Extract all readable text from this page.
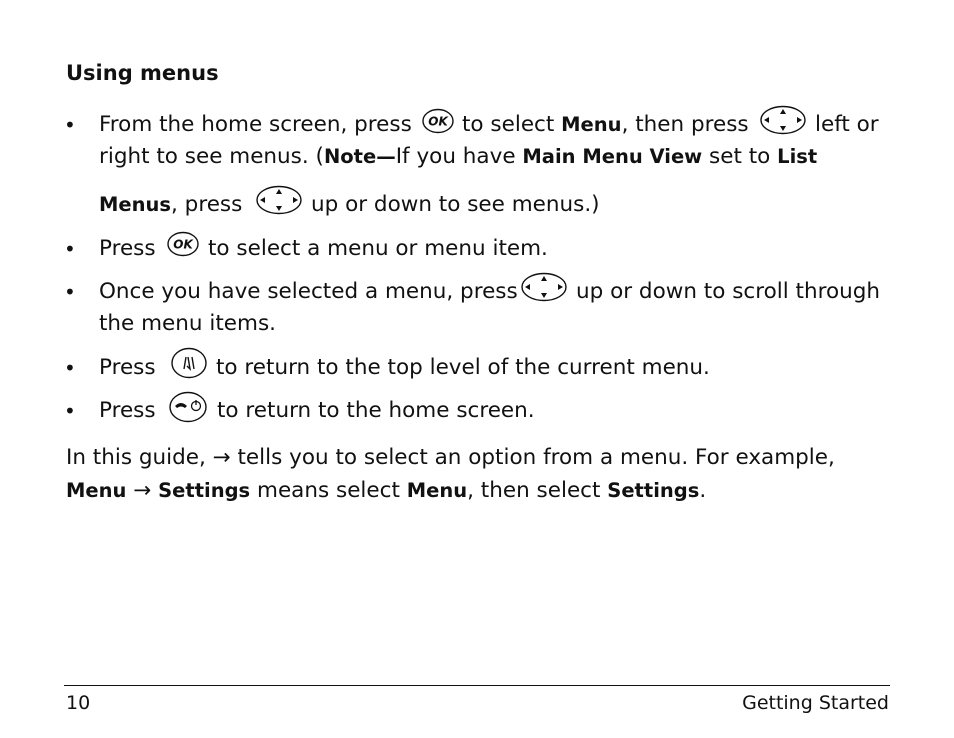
Using menus
• From the home screen, press OK to select Menu, then press	left or
right to see menus. (Note—If you have Main Menu View set to List
Menus, press	up or down to see menus.)
• Press OK to select a menu or menu item.
• Once you have selected a menu, press	up or down to scroll through
the menu items.
• Press	to return to the top level of the current menu.
• Press	to return to the home screen.
In this guide, → tells you to select an option from a menu. For example,
Menu → Settings means select Menu, then select Settings.
10	Getting Started
